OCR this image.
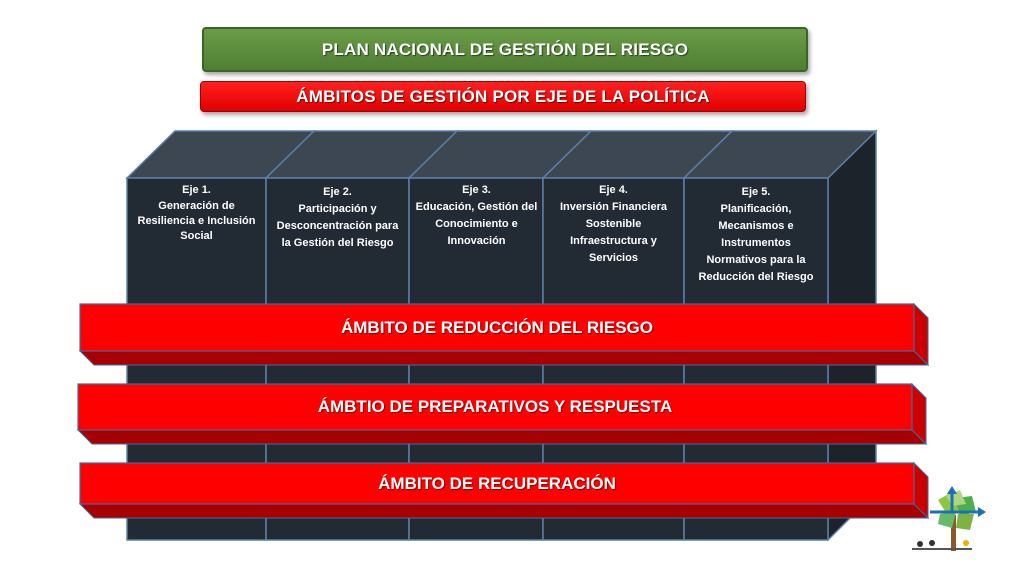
PLAN NACIONAL DE GESTIÓN DEL RIESGO
ÁMBITOS DE GESTIÓN POR EJE DE LA POLÍTICA
Eje 1.
Generación de Resiliencia e Inclusión Social
Eje 2.
Participación y Desconcentración para la Gestión del Riesgo
Eje 3.
Educación, Gestión del Conocimiento e Innovación
Eje 4.
Inversión Financiera Sostenible Infraestructura y Servicios
Eje 5.
Planificación, Mecanismos e Instrumentos Normativos para la Reducción del Riesgo
ÁMBITO DE REDUCCIÓN DEL RIESGO
ÁMBTIO DE PREPARATIVOS Y RESPUESTA
ÁMBITO DE RECUPERACIÓN
